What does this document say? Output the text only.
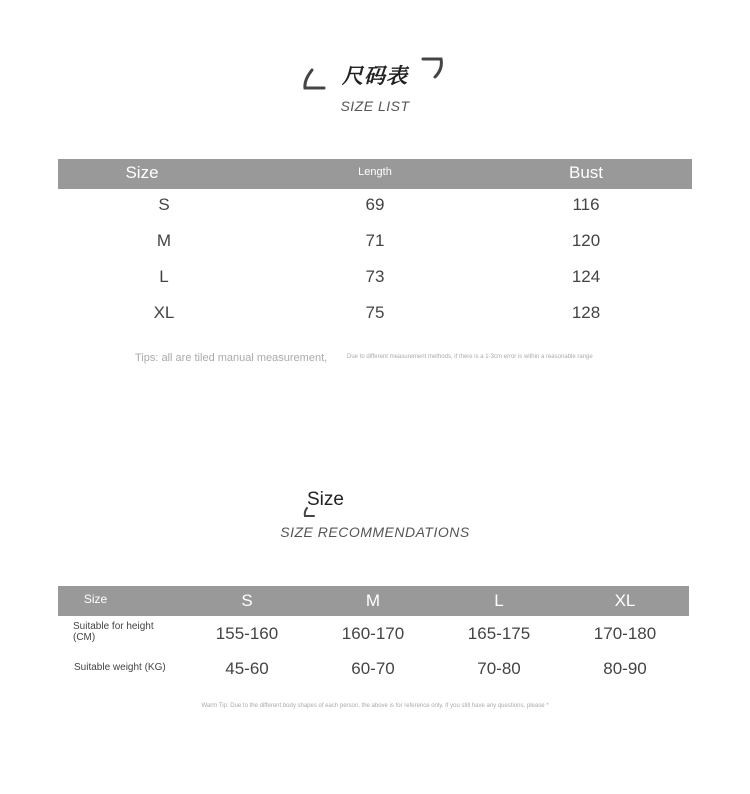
尺码表
SIZE LIST
Size	Length	Bust
S	69	116
M	71	120
L	73	124
XL	75	128
Tips: all are tiled manual measurement,	Due to different measurement methods, if there is a 1-3cm error is within a reasonable range
Size
SIZE RECOMMENDATIONS
Size	S	M	L	XL
Suitable for height (CM)	155-160	160-170	165-175	170-180
Suitable weight (KG)	45-60	60-70	70-80	80-90
Warm Tip: Due to the different body shapes of each person, the above is for reference only. If you still have any questions, please *
